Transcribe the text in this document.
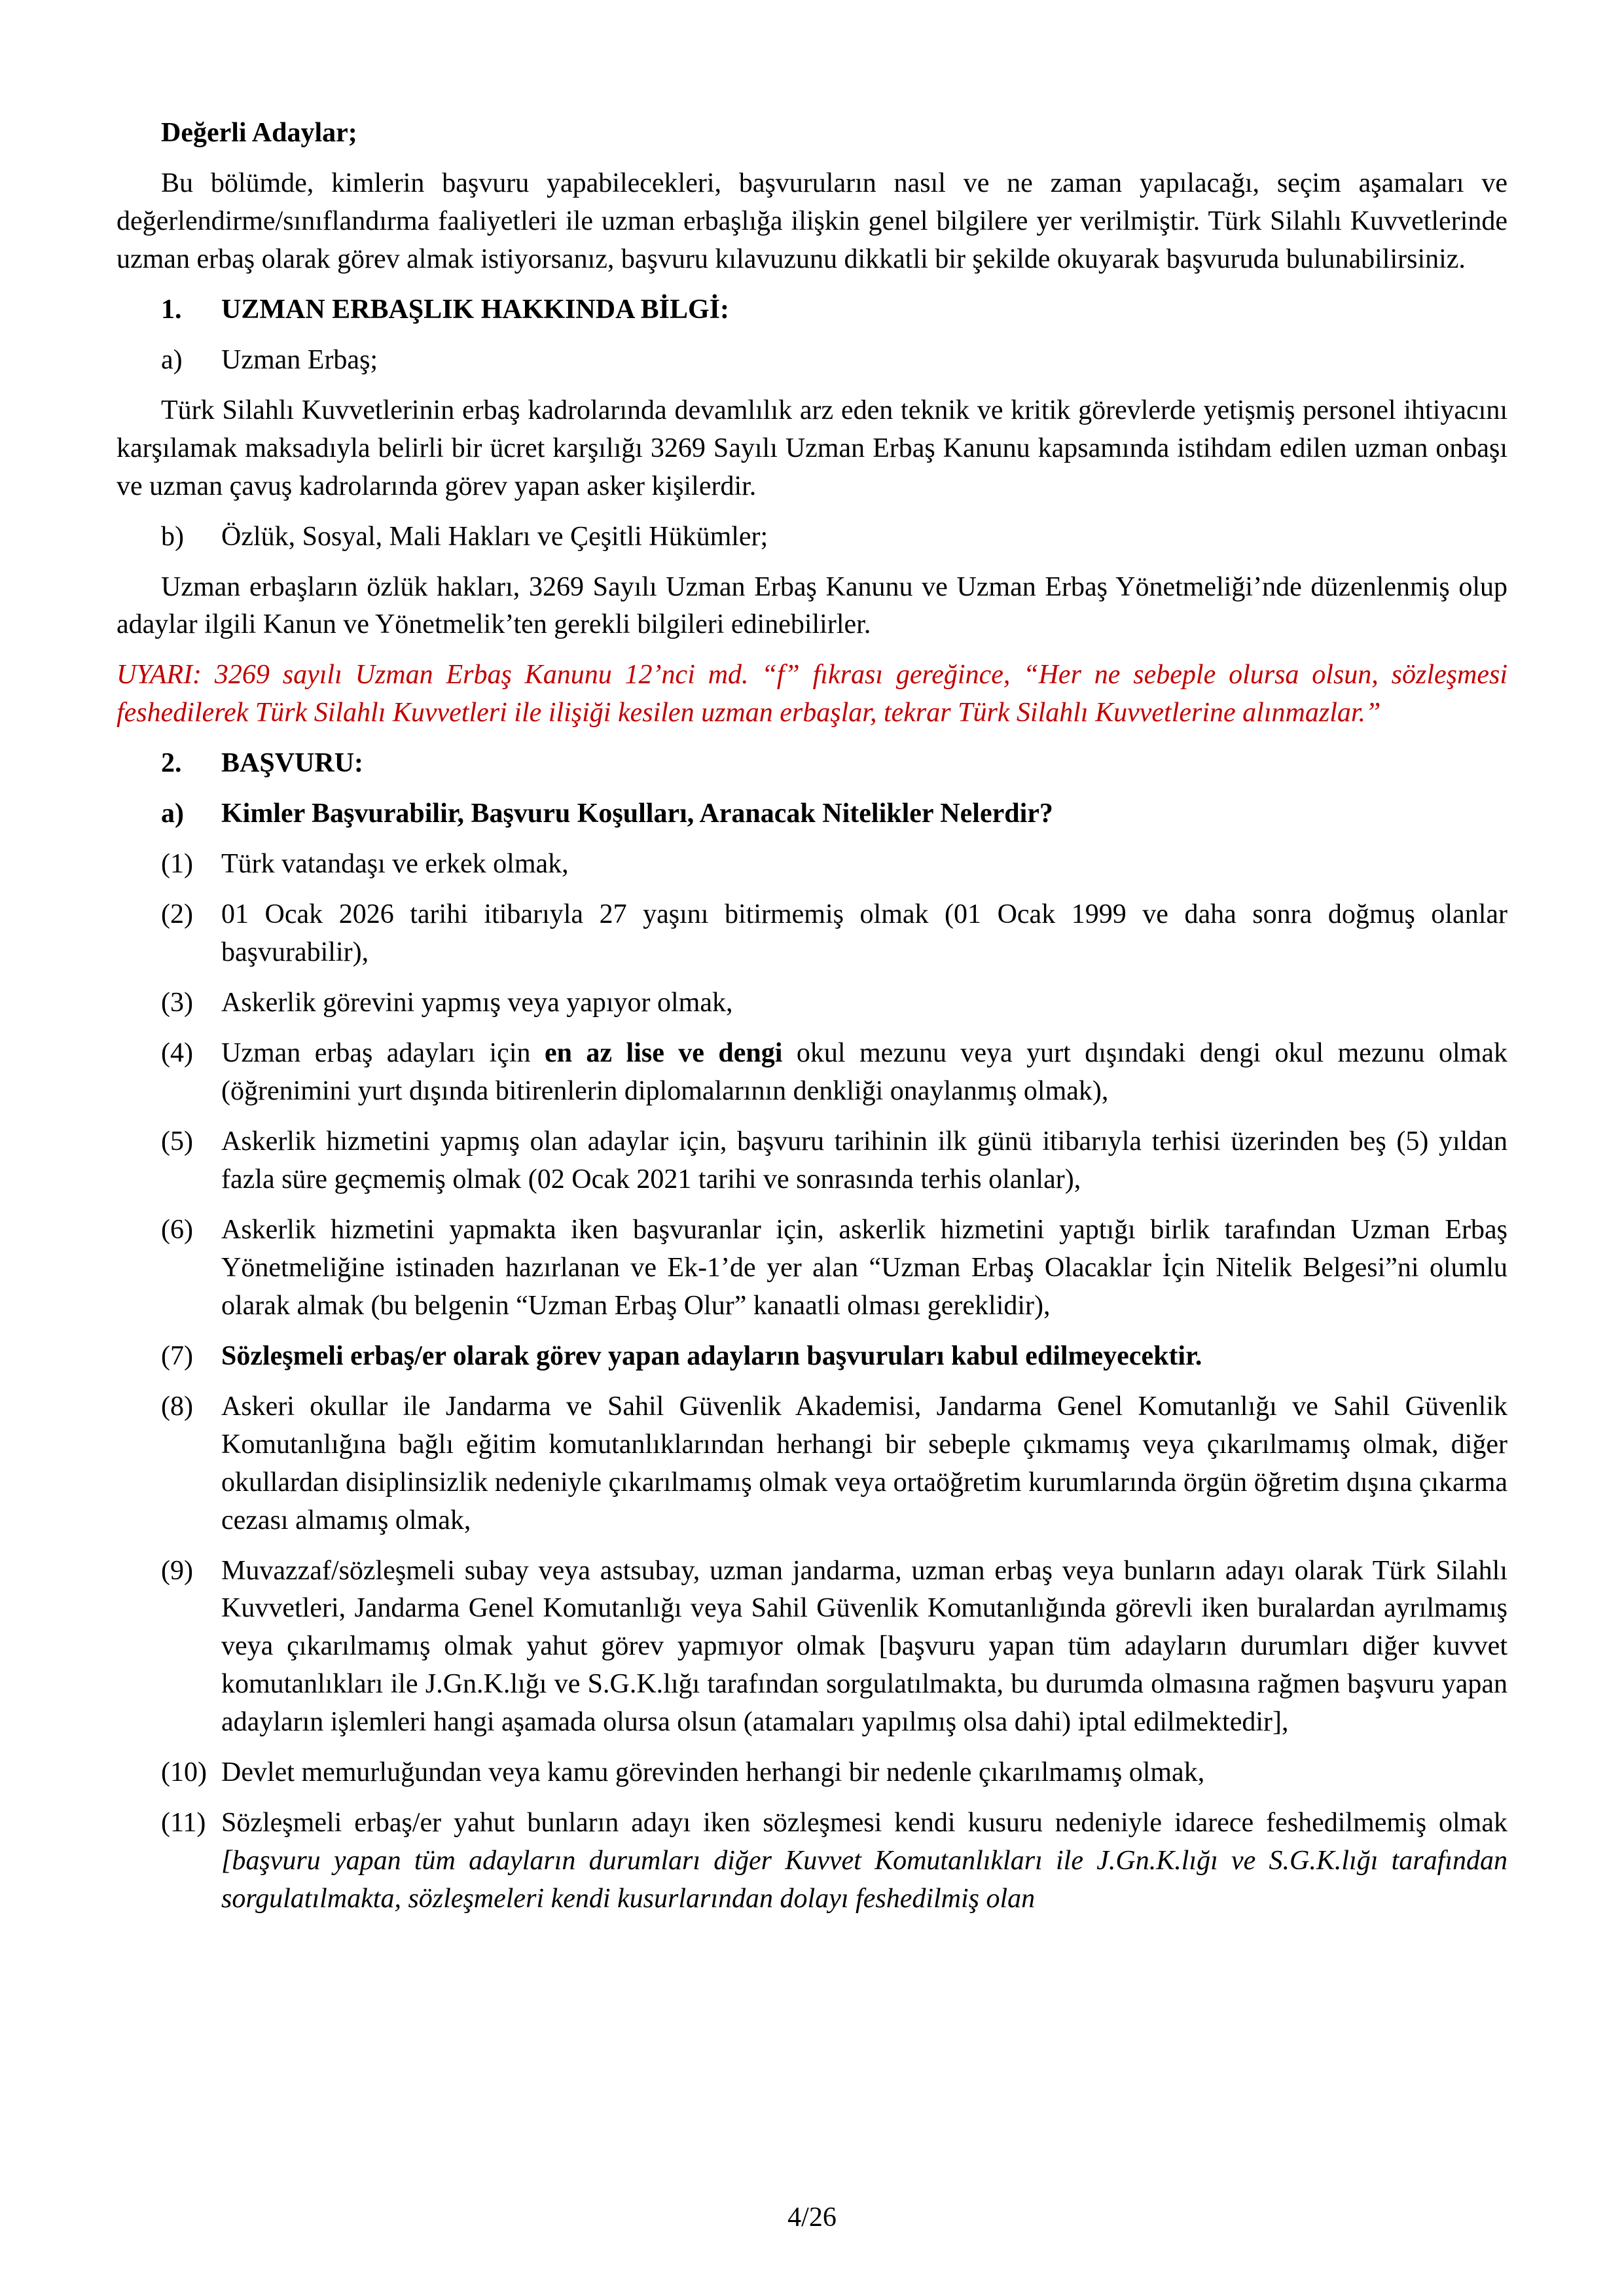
Değerli Adaylar;

Bu bölümde, kimlerin başvuru yapabilecekleri, başvuruların nasıl ve ne zaman yapılacağı, seçim aşamaları ve değerlendirme/sınıflandırma faaliyetleri ile uzman erbaşlığa ilişkin genel bilgilere yer verilmiştir. Türk Silahlı Kuvvetlerinde uzman erbaş olarak görev almak istiyorsanız, başvuru kılavuzunu dikkatli bir şekilde okuyarak başvuruda bulunabilirsiniz.

1.	UZMAN ERBAŞLIK HAKKINDA BİLGİ:
a)	Uzman Erbaş;

Türk Silahlı Kuvvetlerinin erbaş kadrolarında devamlılık arz eden teknik ve kritik görevlerde yetişmiş personel ihtiyacını karşılamak maksadıyla belirli bir ücret karşılığı 3269 Sayılı Uzman Erbaş Kanunu kapsamında istihdam edilen uzman onbaşı ve uzman çavuş kadrolarında görev yapan asker kişilerdir.

b)	Özlük, Sosyal, Mali Hakları ve Çeşitli Hükümler;

Uzman erbaşların özlük hakları, 3269 Sayılı Uzman Erbaş Kanunu ve Uzman Erbaş Yönetmeliği’nde düzenlenmiş olup adaylar ilgili Kanun ve Yönetmelik’ten gerekli bilgileri edinebilirler.

UYARI: 3269 sayılı Uzman Erbaş Kanunu 12’nci md. “f” fıkrası gereğince, “Her ne sebeple olursa olsun, sözleşmesi feshedilerek Türk Silahlı Kuvvetleri ile ilişiği kesilen uzman erbaşlar, tekrar Türk Silahlı Kuvvetlerine alınmazlar.”

2.	BAŞVURU:
a)	Kimler Başvurabilir, Başvuru Koşulları, Aranacak Nitelikler Nelerdir?
(1)	Türk vatandaşı ve erkek olmak,
(2)	01 Ocak 2026 tarihi itibarıyla 27 yaşını bitirmemiş olmak (01 Ocak 1999 ve daha sonra doğmuş olanlar başvurabilir),
(3)	Askerlik görevini yapmış veya yapıyor olmak,
(4)	Uzman erbaş adayları için en az lise ve dengi okul mezunu veya yurt dışındaki dengi okul mezunu olmak (öğrenimini yurt dışında bitirenlerin diplomalarının denkliği onaylanmış olmak),
(5)	Askerlik hizmetini yapmış olan adaylar için, başvuru tarihinin ilk günü itibarıyla terhisi üzerinden beş (5) yıldan fazla süre geçmemiş olmak (02 Ocak 2021 tarihi ve sonrasında terhis olanlar),
(6)	Askerlik hizmetini yapmakta iken başvuranlar için, askerlik hizmetini yaptığı birlik tarafından Uzman Erbaş Yönetmeliğine istinaden hazırlanan ve Ek-1’de yer alan “Uzman Erbaş Olacaklar İçin Nitelik Belgesi”ni olumlu olarak almak (bu belgenin “Uzman Erbaş Olur” kanaatli olması gereklidir),
(7)	Sözleşmeli erbaş/er olarak görev yapan adayların başvuruları kabul edilmeyecektir.
(8)	Askeri okullar ile Jandarma ve Sahil Güvenlik Akademisi, Jandarma Genel Komutanlığı ve Sahil Güvenlik Komutanlığına bağlı eğitim komutanlıklarından herhangi bir sebeple çıkmamış veya çıkarılmamış olmak, diğer okullardan disiplinsizlik nedeniyle çıkarılmamış olmak veya ortaöğretim kurumlarında örgün öğretim dışına çıkarma cezası almamış olmak,
(9)	Muvazzaf/sözleşmeli subay veya astsubay, uzman jandarma, uzman erbaş veya bunların adayı olarak Türk Silahlı Kuvvetleri, Jandarma Genel Komutanlığı veya Sahil Güvenlik Komutanlığında görevli iken buralardan ayrılmamış veya çıkarılmamış olmak yahut görev yapmıyor olmak [başvuru yapan tüm adayların durumları diğer kuvvet komutanlıkları ile J.Gn.K.lığı ve S.G.K.lığı tarafından sorgulatılmakta, bu durumda olmasına rağmen başvuru yapan adayların işlemleri hangi aşamada olursa olsun (atamaları yapılmış olsa dahi) iptal edilmektedir],
(10) Devlet memurluğundan veya kamu görevinden herhangi bir nedenle çıkarılmamış olmak,
(11) Sözleşmeli erbaş/er yahut bunların adayı iken sözleşmesi kendi kusuru nedeniyle idarece feshedilmemiş olmak [başvuru yapan tüm adayların durumları diğer Kuvvet Komutanlıkları ile J.Gn.K.lığı ve S.G.K.lığı tarafından sorgulatılmakta, sözleşmeleri kendi kusurlarından dolayı feshedilmiş olan
4/26
